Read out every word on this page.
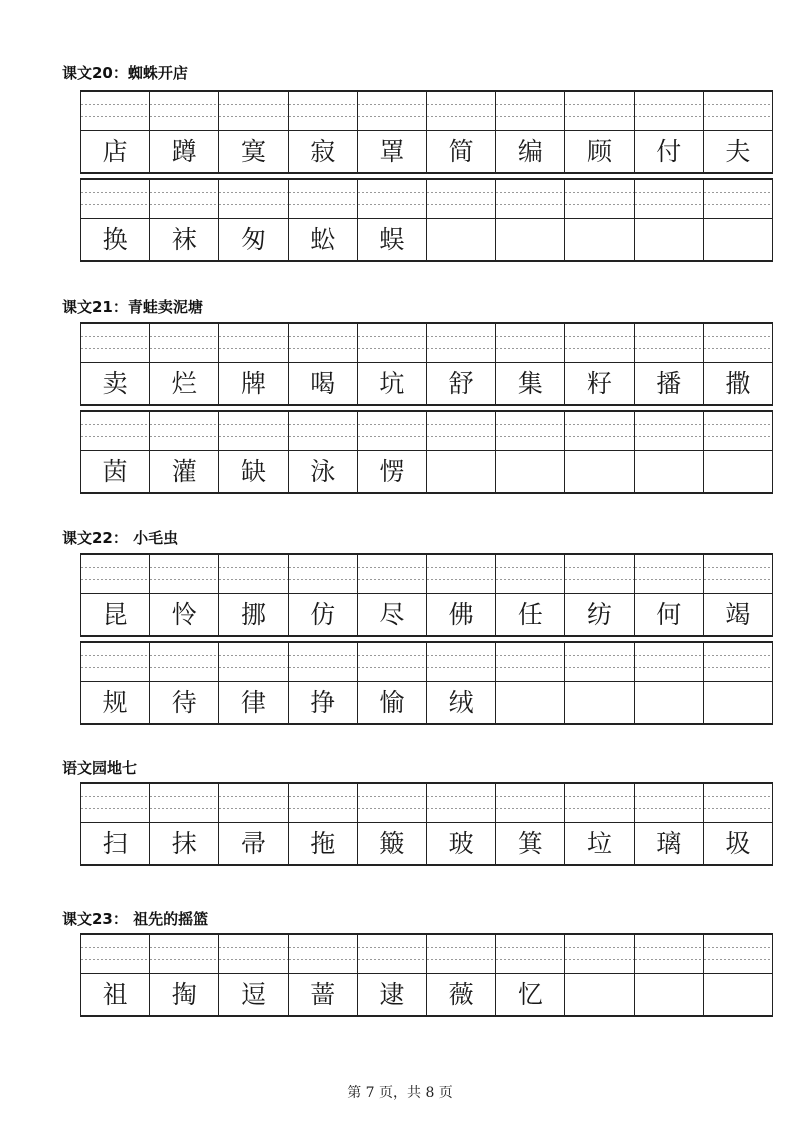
课文20：蜘蛛开店
店	蹲	寞	寂	罩	简	编	顾	付	夫
换	袜	匆	蚣	蜈
课文21：青蛙卖泥塘
卖	烂	牌	喝	坑	舒	集	籽	播	撒
茵	灌	缺	泳	愣
课文22： 小毛虫
昆	怜	挪	仿	尽	佛	任	纺	何	竭
规	待	律	挣	愉	绒
语文园地七
扫	抹	帚	拖	簸	玻	箕	垃	璃	圾
课文23： 祖先的摇篮
祖	掏	逗	蔷	逮	薇	忆
第 7 页，共 8 页
